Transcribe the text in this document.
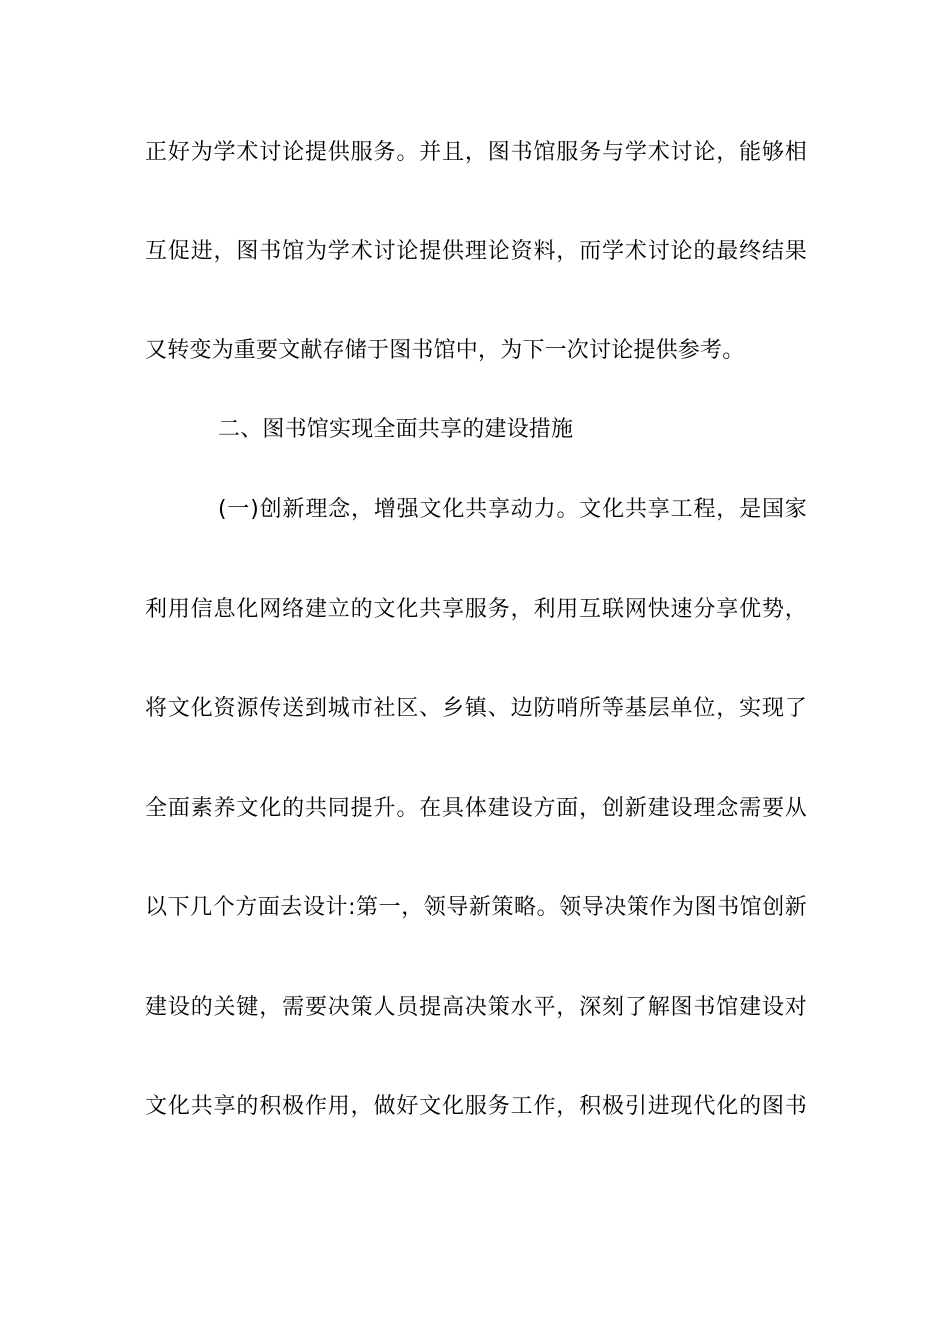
正好为学术讨论提供服务。并且，图书馆服务与学术讨论，能够相
互促进，图书馆为学术讨论提供理论资料，而学术讨论的最终结果
又转变为重要文献存储于图书馆中，为下一次讨论提供参考。
二、图书馆实现全面共享的建设措施
(一)创新理念，增强文化共享动力。文化共享工程，是国家
利用信息化网络建立的文化共享服务，利用互联网快速分享优势，
将文化资源传送到城市社区、乡镇、边防哨所等基层单位，实现了
全面素养文化的共同提升。在具体建设方面，创新建设理念需要从
以下几个方面去设计:第一，领导新策略。领导决策作为图书馆创新
建设的关键，需要决策人员提高决策水平，深刻了解图书馆建设对
文化共享的积极作用，做好文化服务工作，积极引进现代化的图书
